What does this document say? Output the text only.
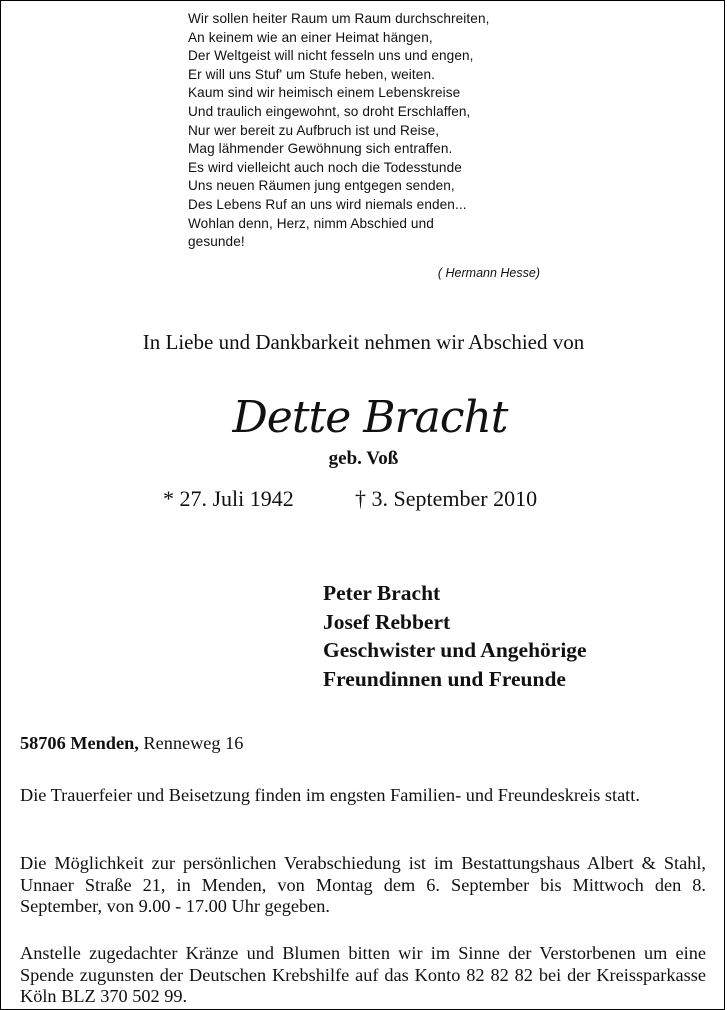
Wir sollen heiter Raum um Raum durchschreiten,
An keinem wie an einer Heimat hängen,
Der Weltgeist will nicht fesseln uns und engen,
Er will uns Stuf' um Stufe heben, weiten.
Kaum sind wir heimisch einem Lebenskreise
Und traulich eingewohnt, so droht Erschlaffen,
Nur wer bereit zu Aufbruch ist und Reise,
Mag lähmender Gewöhnung sich entraffen.
Es wird vielleicht auch noch die Todesstunde
Uns neuen Räumen jung entgegen senden,
Des Lebens Ruf an uns wird niemals enden...
Wohlan denn, Herz, nimm Abschied und
gesunde!
( Hermann Hesse)
In Liebe und Dankbarkeit nehmen wir Abschied von
Dette Bracht
geb. Voß
* 27. Juli 1942	† 3. September 2010
Peter Bracht
Josef Rebbert
Geschwister und Angehörige
Freundinnen und Freunde
58706 Menden, Renneweg 16
Die Trauerfeier und Beisetzung finden im engsten Familien- und Freundeskreis statt.
Die Möglichkeit zur persönlichen Verabschiedung ist im Bestattungshaus Albert & Stahl, Unnaer Straße 21, in Menden, von Montag dem 6. September bis Mittwoch den 8. September, von 9.00 - 17.00 Uhr gegeben.
Anstelle zugedachter Kränze und Blumen bitten wir im Sinne der Verstorbenen um eine Spende zugunsten der Deutschen Krebshilfe auf das Konto 82 82 82 bei der Kreissparkasse Köln BLZ 370 502 99.
